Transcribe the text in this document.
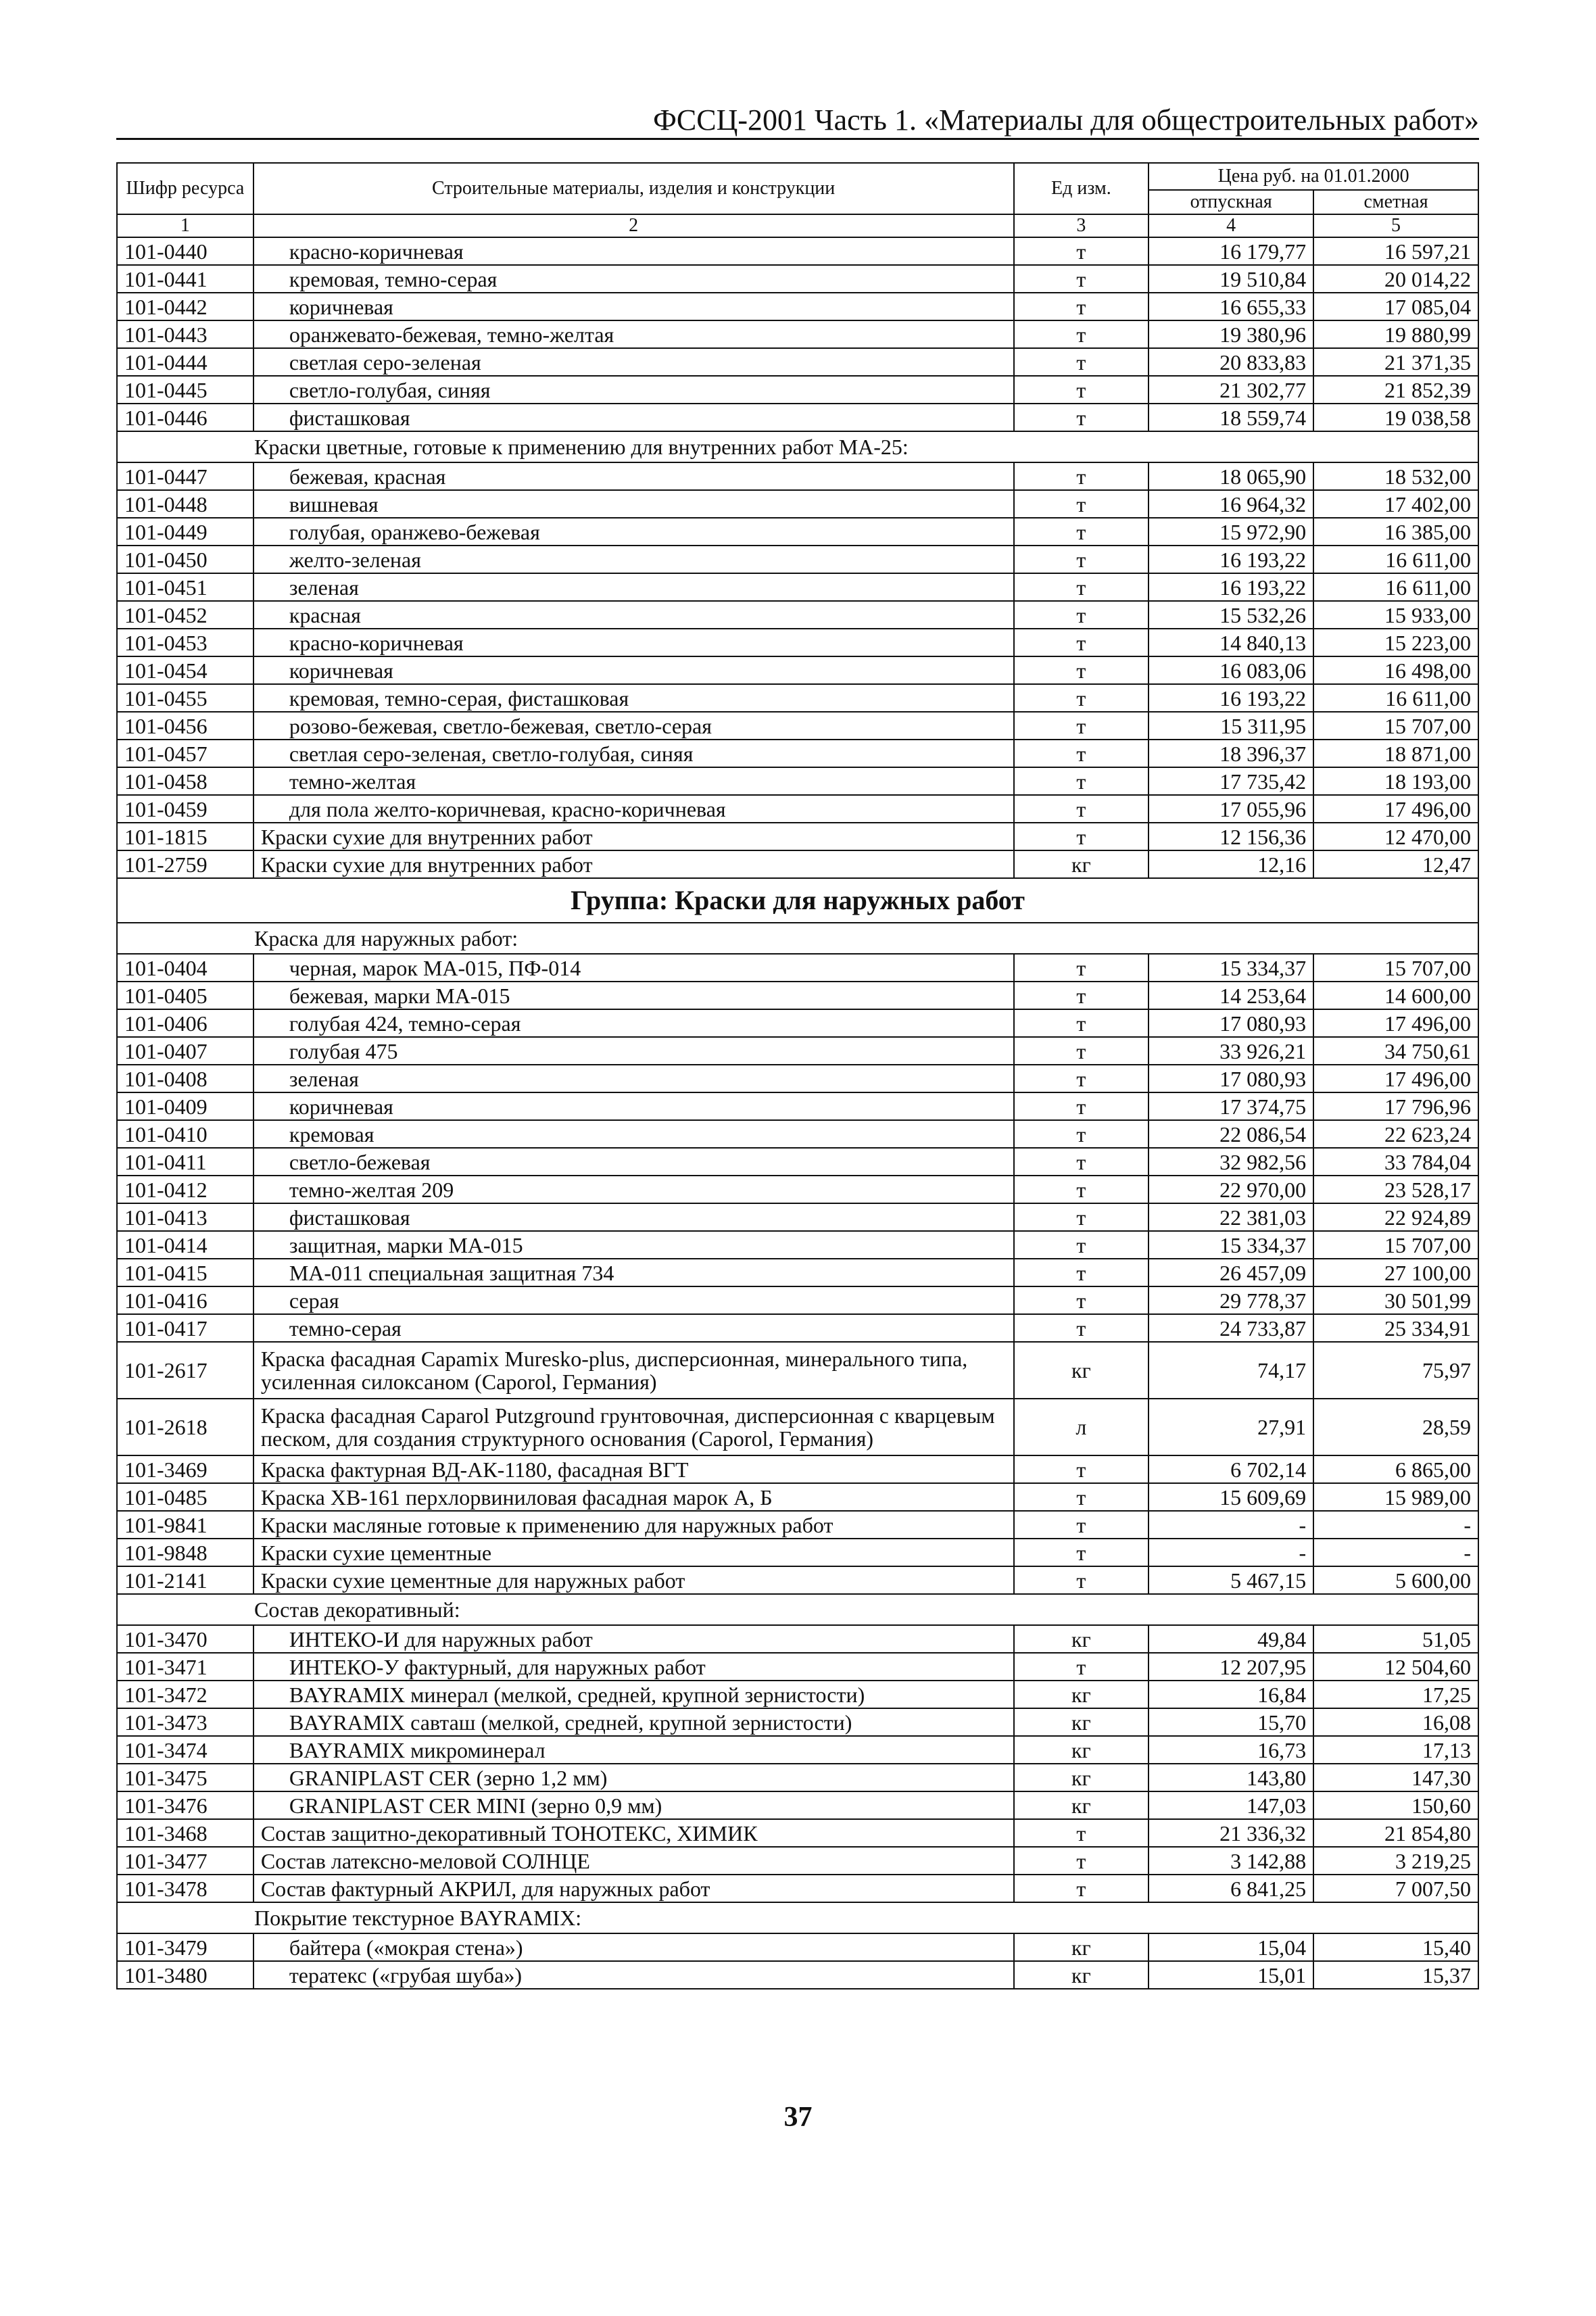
ФССЦ-2001 Часть 1. «Материалы для общестроительных работ»
Шифр ресурса	Строительные материалы, изделия и конструкции	Ед изм.	Цена руб. на 01.01.2000	
			отпускная	сметная
1	2	3	4	5
101-0440	красно-коричневая	т	16 179,77	16 597,21
101-0441	кремовая, темно-серая	т	19 510,84	20 014,22
101-0442	коричневая	т	16 655,33	17 085,04
101-0443	оранжевато-бежевая, темно-желтая	т	19 380,96	19 880,99
101-0444	светлая серо-зеленая	т	20 833,83	21 371,35
101-0445	светло-голубая, синяя	т	21 302,77	21 852,39
101-0446	фисташковая	т	18 559,74	19 038,58
Краски цветные, готовые к применению для внутренних работ МА-25:				
101-0447	бежевая, красная	т	18 065,90	18 532,00
101-0448	вишневая	т	16 964,32	17 402,00
101-0449	голубая, оранжево-бежевая	т	15 972,90	16 385,00
101-0450	желто-зеленая	т	16 193,22	16 611,00
101-0451	зеленая	т	16 193,22	16 611,00
101-0452	красная	т	15 532,26	15 933,00
101-0453	красно-коричневая	т	14 840,13	15 223,00
101-0454	коричневая	т	16 083,06	16 498,00
101-0455	кремовая, темно-серая, фисташковая	т	16 193,22	16 611,00
101-0456	розово-бежевая, светло-бежевая, светло-серая	т	15 311,95	15 707,00
101-0457	светлая серо-зеленая, светло-голубая, синяя	т	18 396,37	18 871,00
101-0458	темно-желтая	т	17 735,42	18 193,00
101-0459	для пола желто-коричневая, красно-коричневая	т	17 055,96	17 496,00
101-1815	Краски сухие для внутренних работ	т	12 156,36	12 470,00
101-2759	Краски сухие для внутренних работ	кг	12,16	12,47
Группа: Краски для наружных работ				
Краска для наружных работ:				
101-0404	черная, марок МА-015, ПФ-014	т	15 334,37	15 707,00
101-0405	бежевая, марки МА-015	т	14 253,64	14 600,00
101-0406	голубая 424, темно-серая	т	17 080,93	17 496,00
101-0407	голубая 475	т	33 926,21	34 750,61
101-0408	зеленая	т	17 080,93	17 496,00
101-0409	коричневая	т	17 374,75	17 796,96
101-0410	кремовая	т	22 086,54	22 623,24
101-0411	светло-бежевая	т	32 982,56	33 784,04
101-0412	темно-желтая 209	т	22 970,00	23 528,17
101-0413	фисташковая	т	22 381,03	22 924,89
101-0414	защитная, марки МА-015	т	15 334,37	15 707,00
101-0415	МА-011 специальная защитная 734	т	26 457,09	27 100,00
101-0416	серая	т	29 778,37	30 501,99
101-0417	темно-серая	т	24 733,87	25 334,91
101-2617	Краска фасадная Capamix Muresko-plus, дисперсионная, минерального типа, усиленная силоксаном (Caporol, Германия)	кг	74,17	75,97
101-2618	Краска фасадная Caparol Putzground грунтовочная, дисперсионная с кварцевым песком, для создания структурного основания (Caporol, Германия)	л	27,91	28,59
101-3469	Краска фактурная ВД-АК-1180, фасадная ВГТ	т	6 702,14	6 865,00
101-0485	Краска ХВ-161 перхлорвиниловая фасадная марок А, Б	т	15 609,69	15 989,00
101-9841	Краски масляные готовые к применению для наружных работ	т	-	-
101-9848	Краски сухие цементные	т	-	-
101-2141	Краски сухие цементные для наружных работ	т	5 467,15	5 600,00
Состав декоративный:				
101-3470	ИНТЕКО-И для наружных работ	кг	49,84	51,05
101-3471	ИНТЕКО-У фактурный, для наружных работ	т	12 207,95	12 504,60
101-3472	BAYRAMIX минерал (мелкой, средней, крупной зернистости)	кг	16,84	17,25
101-3473	BAYRAMIX савташ (мелкой, средней, крупной зернистости)	кг	15,70	16,08
101-3474	BAYRAMIX микроминерал	кг	16,73	17,13
101-3475	GRANIPLAST CER (зерно 1,2 мм)	кг	143,80	147,30
101-3476	GRANIPLAST CER MINI (зерно 0,9 мм)	кг	147,03	150,60
101-3468	Состав защитно-декоративный ТОНОТЕКС, ХИМИК	т	21 336,32	21 854,80
101-3477	Состав латексно-меловой СОЛНЦЕ	т	3 142,88	3 219,25
101-3478	Состав фактурный АКРИЛ, для наружных работ	т	6 841,25	7 007,50
Покрытие текстурное BAYRAMIX:				
101-3479	байтера («мокрая стена»)	кг	15,04	15,40
101-3480	тератекс («грубая шуба»)	кг	15,01	15,37
37
